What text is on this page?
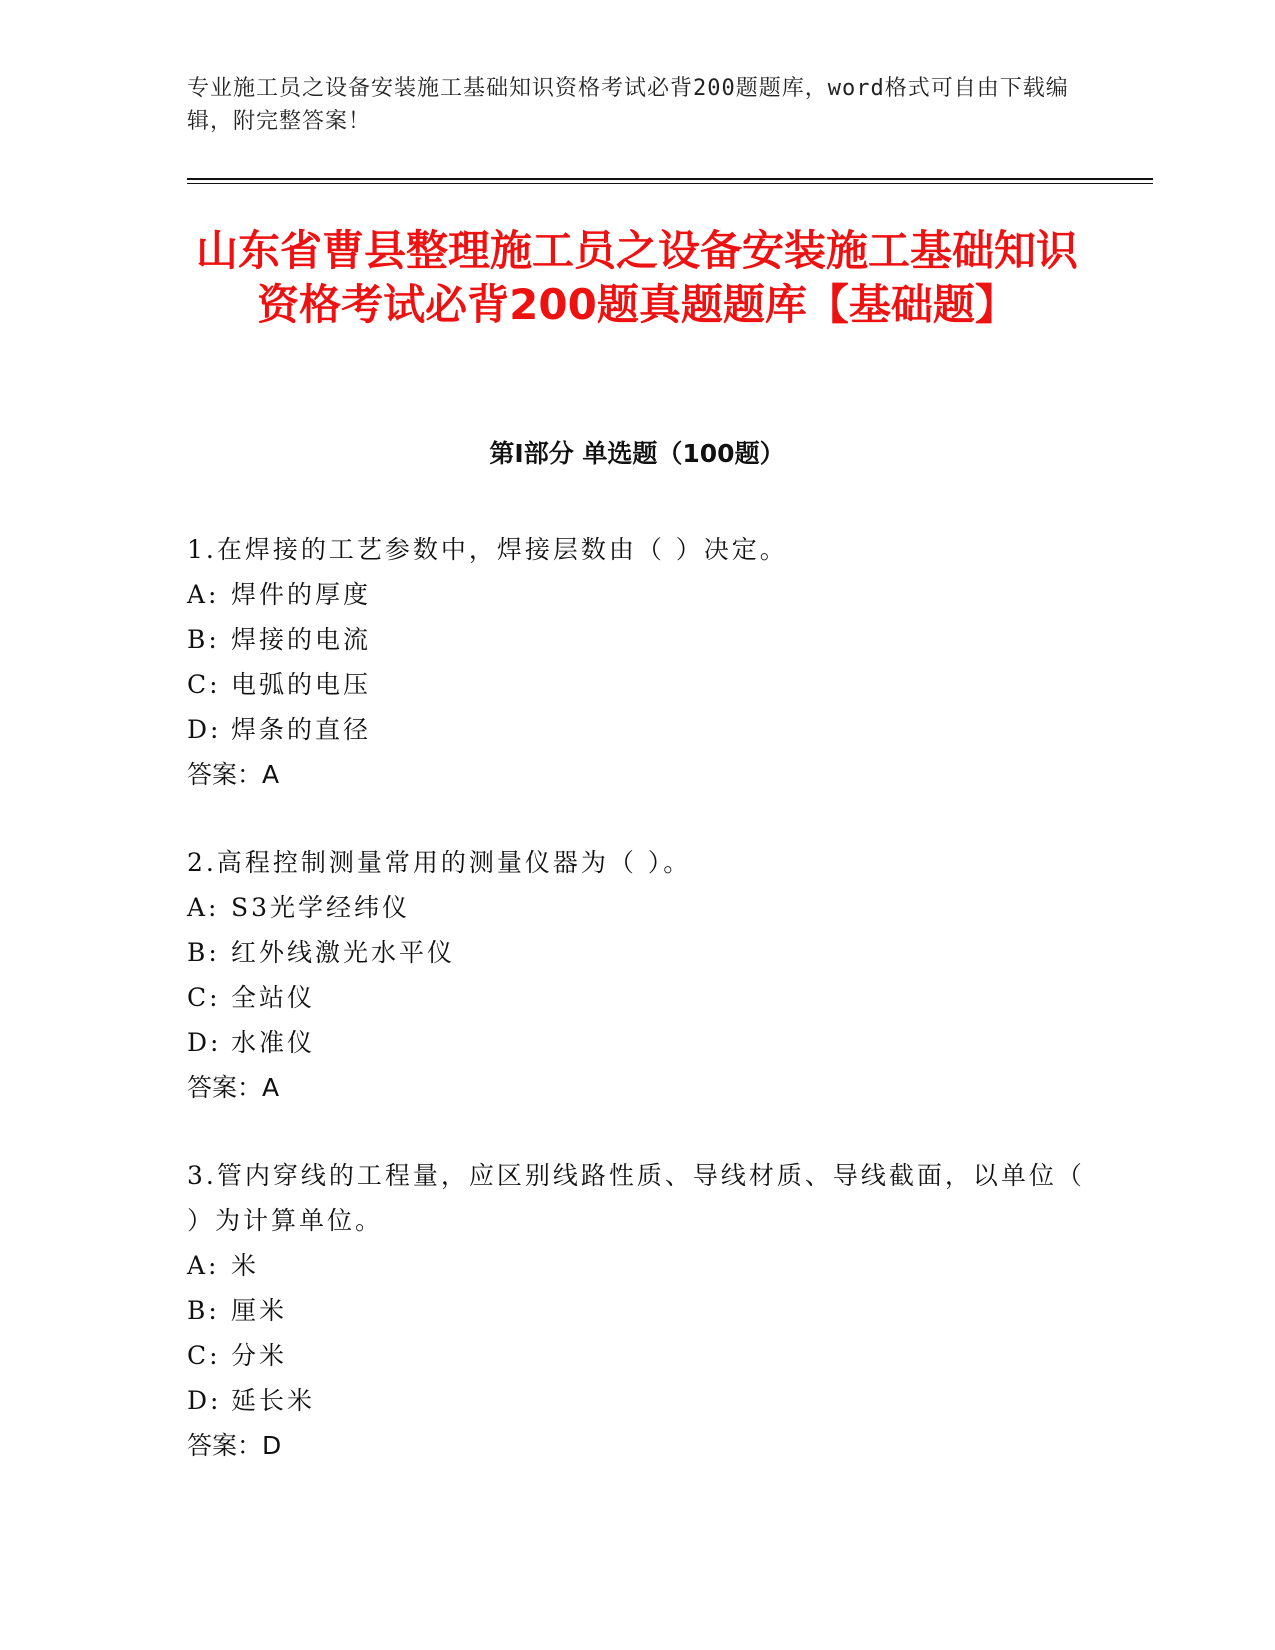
专业施工员之设备安装施工基础知识资格考试必背200题题库，word格式可自由下载编辑，附完整答案！
山东省曹县整理施工员之设备安装施工基础知识资格考试必背200题真题题库【基础题】
第I部分 单选题（100题）
1.在焊接的工艺参数中，焊接层数由（ ）决定。
A: 焊件的厚度
B: 焊接的电流
C: 电弧的电压
D: 焊条的直径
答案：A
2.高程控制测量常用的测量仪器为（ ）。
A: S3光学经纬仪
B: 红外线激光水平仪
C: 全站仪
D: 水准仪
答案：A
3.管内穿线的工程量，应区别线路性质、导线材质、导线截面，以单位（ ）为计算单位。
A: 米
B: 厘米
C: 分米
D: 延长米
答案：D
